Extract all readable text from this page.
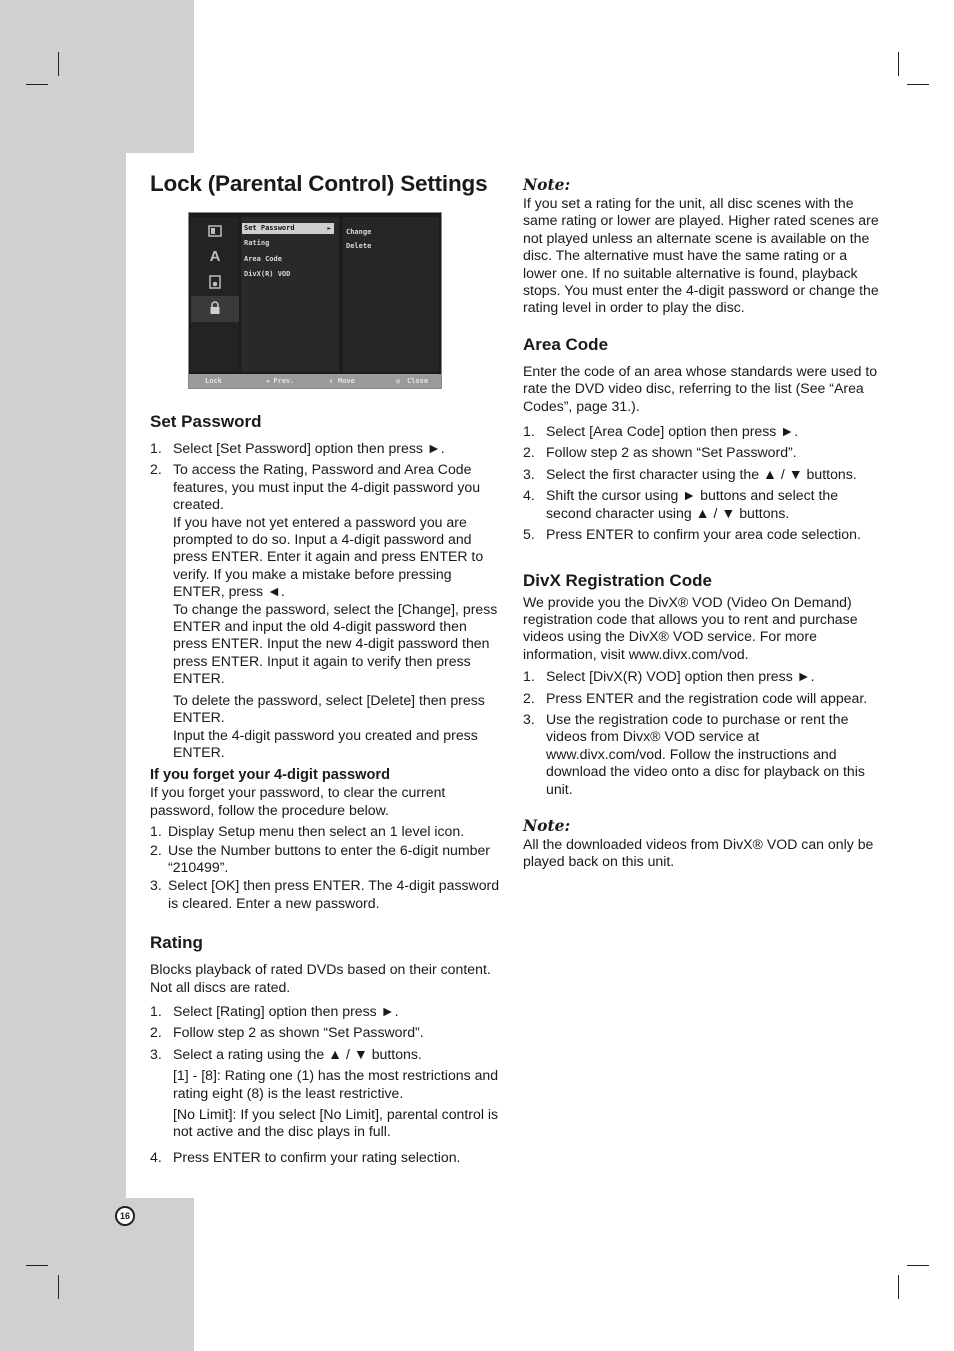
Lock (Parental Control) Settings
A
Set Password	►
Rating
Area Code
DivX(R) VOD
Change
Delete
Lock	◄ Prev.	⇕ Move	◎ Close
Set Password
1. Select [Set Password] option then press ►.
2. To access the Rating, Password and Area Code features, you must input the 4-digit password you created.
If you have not yet entered a password you are prompted to do so. Input a 4-digit password and press ENTER. Enter it again and press ENTER to verify. If you make a mistake before pressing ENTER, press ◄.
To change the password, select the [Change], press ENTER and input the old 4-digit password then press ENTER. Input the new 4-digit password then press ENTER. Input it again to verify then press ENTER.
To delete the password, select [Delete] then press ENTER.
Input the 4-digit password you created and press ENTER.
If you forget your 4-digit password

If you forget your password, to clear the current password, follow the procedure below.

1. Display Setup menu then select an 1 level icon.
2. Use the Number buttons to enter the 6-digit number “210499”.
3. Select [OK] then press ENTER. The 4-digit password is cleared. Enter a new password.
Rating

Blocks playback of rated DVDs based on their content. Not all discs are rated.

1. Select [Rating] option then press ►.
2. Follow step 2 as shown “Set Password”.
3. Select a rating using the ▲ / ▼ buttons.
[1] - [8]: Rating one (1) has the most restrictions and rating eight (8) is the least restrictive.
[No Limit]: If you select [No Limit], parental control is not active and the disc plays in full.
4. Press ENTER to confirm your rating selection.
Note:

If you set a rating for the unit, all disc scenes with the same rating or lower are played. Higher rated scenes are not played unless an alternate scene is available on the disc. The alternative must have the same rating or a lower one. If no suitable alternative is found, playback stops. You must enter the 4-digit password or change the rating level in order to play the disc.

Area Code

Enter the code of an area whose standards were used to rate the DVD video disc, referring to the list (See “Area Codes”, page 31.).

1. Select [Area Code] option then press ►.
2. Follow step 2 as shown “Set Password”.
3. Select the first character using the ▲ / ▼ buttons.
4. Shift the cursor using ► buttons and select the second character using ▲ / ▼ buttons.
5. Press ENTER to confirm your area code selection.
DivX Registration Code

We provide you the DivX® VOD (Video On Demand) registration code that allows you to rent and purchase videos using the DivX® VOD service. For more information, visit www.divx.com/vod.

1. Select [DivX(R) VOD] option then press ►.
2. Press ENTER and the registration code will appear.
3. Use the registration code to purchase or rent the videos from Divx® VOD service at www.divx.com/vod. Follow the instructions and download the video onto a disc for playback on this unit.
Note:

All the downloaded videos from DivX® VOD can only be played back on this unit.

16
